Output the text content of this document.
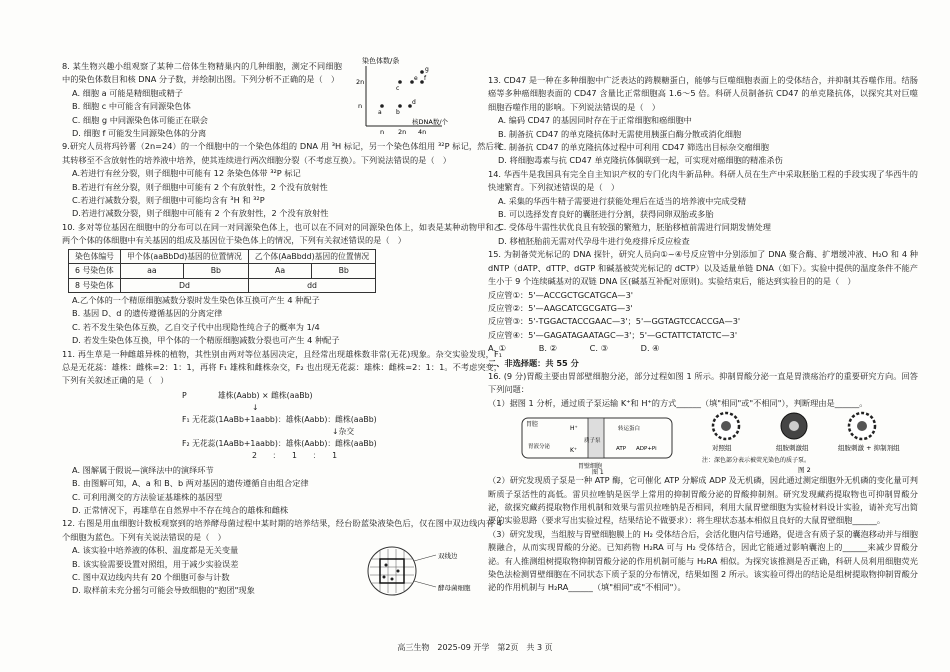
8. 某生物兴趣小组观察了某种二倍体生物精巢内的几种细胞，测定不同细胞中的染色体数目和核 DNA 分子数，并绘制出图。下列分析不正确的是（　）

A. 细胞 a 可能是精细胞或精子

B. 细胞 c 中可能含有同源染色体

C. 细胞 g 中同源染色体可能正在联会

D. 细胞 f 可能发生同源染色体的分离

染色体数/条
2n
n
n 2n 4n
a b
c
d
e f
g
核DNA数/个

9.研究人员将玛钤薯（2n=24）的一个细胞中的一个染色体组的 DNA 用 ³H 标记，另一个染色体组用 ³²P 标记，然后将其转移至不含放射性的培养液中培养，使其连续进行两次细胞分裂（不考虑互换）。下列说法错误的是（　）

A.若进行有丝分裂，则子细胞中可能有 12 条染色体带 ³²P 标记

B.若进行有丝分裂，则子细胞中可能有 2 个有放射性，2 个没有放射性

C.若进行减数分裂，则子细胞中可能均含有 ³H 和 ³²P

D.若进行减数分裂，则子细胞中可能有 2 个有放射性，2 个没有放射性

10. 多对等位基因在细胞中的分布可以在同一对同源染色体上，也可以在不同对的同源染色体上，如表是某种动物甲和乙两个个体的体细胞中有关基因的组成及基因位于染色体上的情况，下列有关叙述错误的是（　）

染色体编号	甲个体(aaBbDd)基因的位置情况		乙个体(AaBbdd)基因的位置情况	
6 号染色体	aa	Bb	Aa	Bb
8 号染色体	Dd		dd	

A.乙个体的一个精原细胞减数分裂时发生染色体互换可产生 4 种配子

B. 基因 D、d 的遗传遵循基因的分离定律

C. 若不发生染色体互换，乙自交子代中出现隐性纯合子的概率为 1/4

D. 若发生染色体互换，甲个体的一个精原细胞减数分裂也可产生 4 种配子

11. 再生草是一种雌雄异株的植物，其性别由两对等位基因决定，且经常出现雄株数非常(无花)现象。杂交实验发现，F₁ 总是无花蕊：雄株：雌株=2：1：1，再将 F₁ 雄株和雌株杂交，F₂ 也出现无花蕊：雄株：雌株=2：1：1。不考虑突变，下列有关叙述正确的是（　）

P　　　　雄株(Aabb) × 雌株(aaBb)
↓
F₁ 无花蕊(1AaBb+1aabb)：雄株(Aabb)：雌株(aaBb)
↓杂交
F₂ 无花蕊(1AaBb+1aabb)：雄株(Aabb)：雌株(aaBb)
2　　：　　1　　：　　1

A. 图解属于假说—演绎法中的演绎环节

B. 由图解可知，A、a 和 B、b 两对基因的遗传遵循自由组合定律

C. 可利用测交的方法验证基雄株的基因型

D. 正常情况下，再雄草在自然界中不存在纯合的雄株和雌株

12. 右图是用血细胞计数板观察到的培养酵母菌过程中某时期的培养结果，经台盼蓝染液染色后，仅在图中双边线内有 4 个细胞为蓝色。下列有关说法错误的是（　）

A. 该实验中培养液的体积、温度都是无关变量

B. 该实验需要设置对照组，用于减少实验误差

C. 图中双边线内共有 20 个细胞可参与计数

D. 取样前未充分摇匀可能会导致细胞的"抱团"现象

双线边
酵母菌细胞

13. CD47 是一种在多种细胞中广泛表达的跨膜糖蛋白，能够与巨噬细胞表面上的受体结合，并抑制其吞噬作用。结肠癌等多种癌细胞表面的 CD47 含量比正常细胞高 1.6～5 倍。科研人员制备抗 CD47 的单克隆抗体，以探究其对巨噬细胞吞噬作用的影响。下列说法错误的是（　）

A. 编码 CD47 的基因同时存在于正常细胞和癌细胞中

B. 制备抗 CD47 的单克隆抗体时无需使用胰蛋白酶分散或消化细胞

C. 制备抗 CD47 的单克隆抗体过程中可利用 CD47 筛选出目标杂交瘤细胞

D. 将细胞毒素与抗 CD47 单克隆抗体偶联到一起，可实现对癌细胞的精准杀伤

14. 华西牛是我国具有完全自主知识产权的专门化肉牛新品种。科研人员在生产中采取胚胎工程的手段实现了华西牛的快速繁育。下列叙述错误的是（　）

A. 采集的华西牛精子需要进行获能处理后在适当的培养液中完成受精

B. 可以选择发育良好的囊胚进行分割，获得同卵双胎或多胎

C. 受体母牛需性状优良且有较强的繁殖力，胚胎移植前需进行同期发情处理

D. 移植胚胎前无需对代孕母牛进行免疫排斥反应检查

15. 为制备荧光标记的 DNA 探针，研究人员向①~④号反应管中分别添加了 DNA 聚合酶、扩增缓冲液、H₂O 和 4 种 dNTP（dATP、dTTP、dGTP 和碱基被荧光标记的 dCTP）以及适量单链 DNA（如下）。实验中提供的温度条件不能产生小于 9 个连续碱基对的双链 DNA 区(碱基互补配对原则)。实验结束后，能达到实验目的的是（　）

反应管①：5'—ACCGCTGCATGCA—3'

反应管②：5'—AAGCATCGCGATG—3'

反应管③：5'-TGGACTACCGAAC—3'；5'—GGTAGTCCACCGA—3'

反应管④：5'—GAGATAGAATAGC—3'；5'—GCTATTCTATCTC—3'

A. ①　　　　B. ②　　　　C. ③　　　　D. ④

二、非选择题：共 55 分

16. (9 分)胃酸主要由胃部壁细胞分泌，部分过程如图 1 所示。抑制胃酸分泌一直是胃溃疡治疗的重要研究方向。回答下列问题：

（1）据图 1 分析，通过质子泵运输 K⁺和 H⁺的方式______（填"相同"或"不相同"），判断理由是______。

胃腔
质子泵
转运蛋白
ATP ADP+Pi
H⁺
K⁺
胃壁细胞
胃液分泌
图 1
对照组	组胺刺激组	组胺刺激 + 抑制剂组
注：深色部分表示被荧光染色的质子泵。
图 2

（2）研究发现质子泵是一种 ATP 酶，它可催化 ATP 分解成 ADP 及无机磷，因此通过测定细胞外无机磷的变化量可判断质子泵活性的高低。雷贝拉唑钠是医学上常用的抑制胃酸分泌的胃酸抑制剂。研究发现藏药提取物也可抑制胃酸分泌，欲探究藏药提取物作用机制和效果与雷贝拉唑钠是否相同，利用大鼠胃壁细胞为实验材料设计实验，请补充写出简要的实验思路（要求写出实验过程，结果结论不做要求）：将生理状态基本相似且良好的大鼠胃壁细胞______。

（3）研究发现，当组胺与胃壁细胞膜上的 H₂ 受体结合后，会活化胞内信号通路，促进含有质子泵的囊泡移动并与细胞膜融合，从而实现胃酸的分泌。已知药物 H₂RA 可与 H₂ 受体结合，因此它能通过影响囊泡上的______来减少胃酸分泌。有人推测组树提取物抑制胃酸分泌的作用机制可能与 H₂RA 相似。为探究该推测是否正确，科研人员利用细胞荧光染色法检测胃壁细胞在不同状态下质子泵的分布情况，结果如图 2 所示。该实验可得出的结论是组树提取物抑制胃酸分泌的作用机制与 H₂RA______（填"相同"或"不相同"）。

高三生物　2025-09 开学　第2页　共 3 页
